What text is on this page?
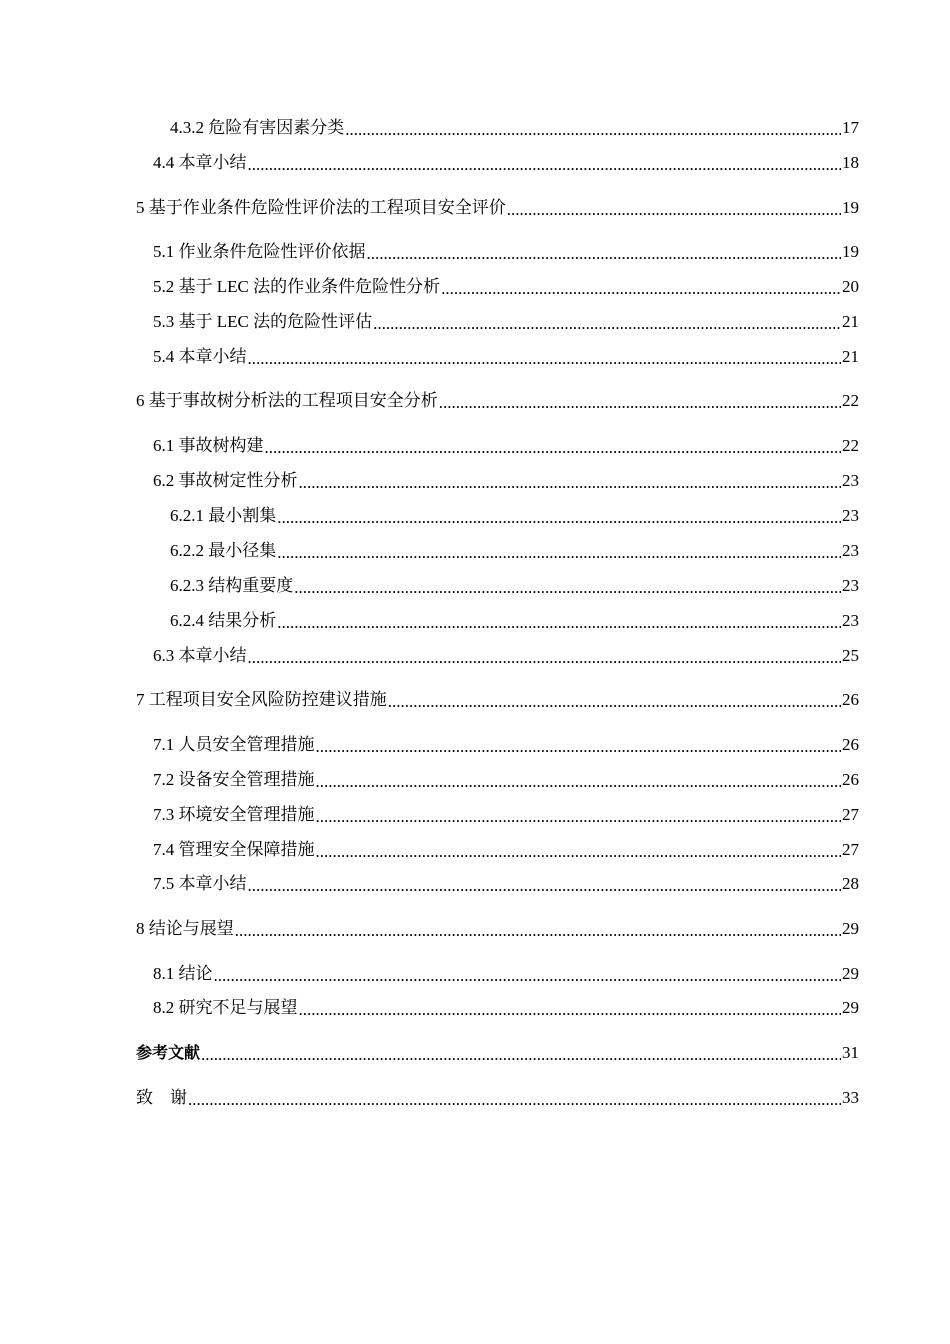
4.3.2 危险有害因素分类 .....	17
4.4 本章小结 .....	18
5 基于作业条件危险性评价法的工程项目安全评价 .....	19
5.1 作业条件危险性评价依据 .....	19
5.2 基于 LEC 法的作业条件危险性分析 .....	20
5.3 基于 LEC 法的危险性评估 .....	21
5.4 本章小结 .....	21
6 基于事故树分析法的工程项目安全分析 .....	22
6.1 事故树构建 .....	22
6.2 事故树定性分析 .....	23
6.2.1 最小割集 .....	23
6.2.2 最小径集 .....	23
6.2.3 结构重要度 .....	23
6.2.4 结果分析 .....	23
6.3 本章小结 .....	25
7 工程项目安全风险防控建议措施 .....	26
7.1 人员安全管理措施 .....	26
7.2 设备安全管理措施 .....	26
7.3 环境安全管理措施 .....	27
7.4 管理安全保障措施 .....	27
7.5 本章小结 .....	28
8 结论与展望 .....	29
8.1 结论 .....	29
8.2 研究不足与展望 .....	29
参考文献 .....	31
致　谢 .....	33
